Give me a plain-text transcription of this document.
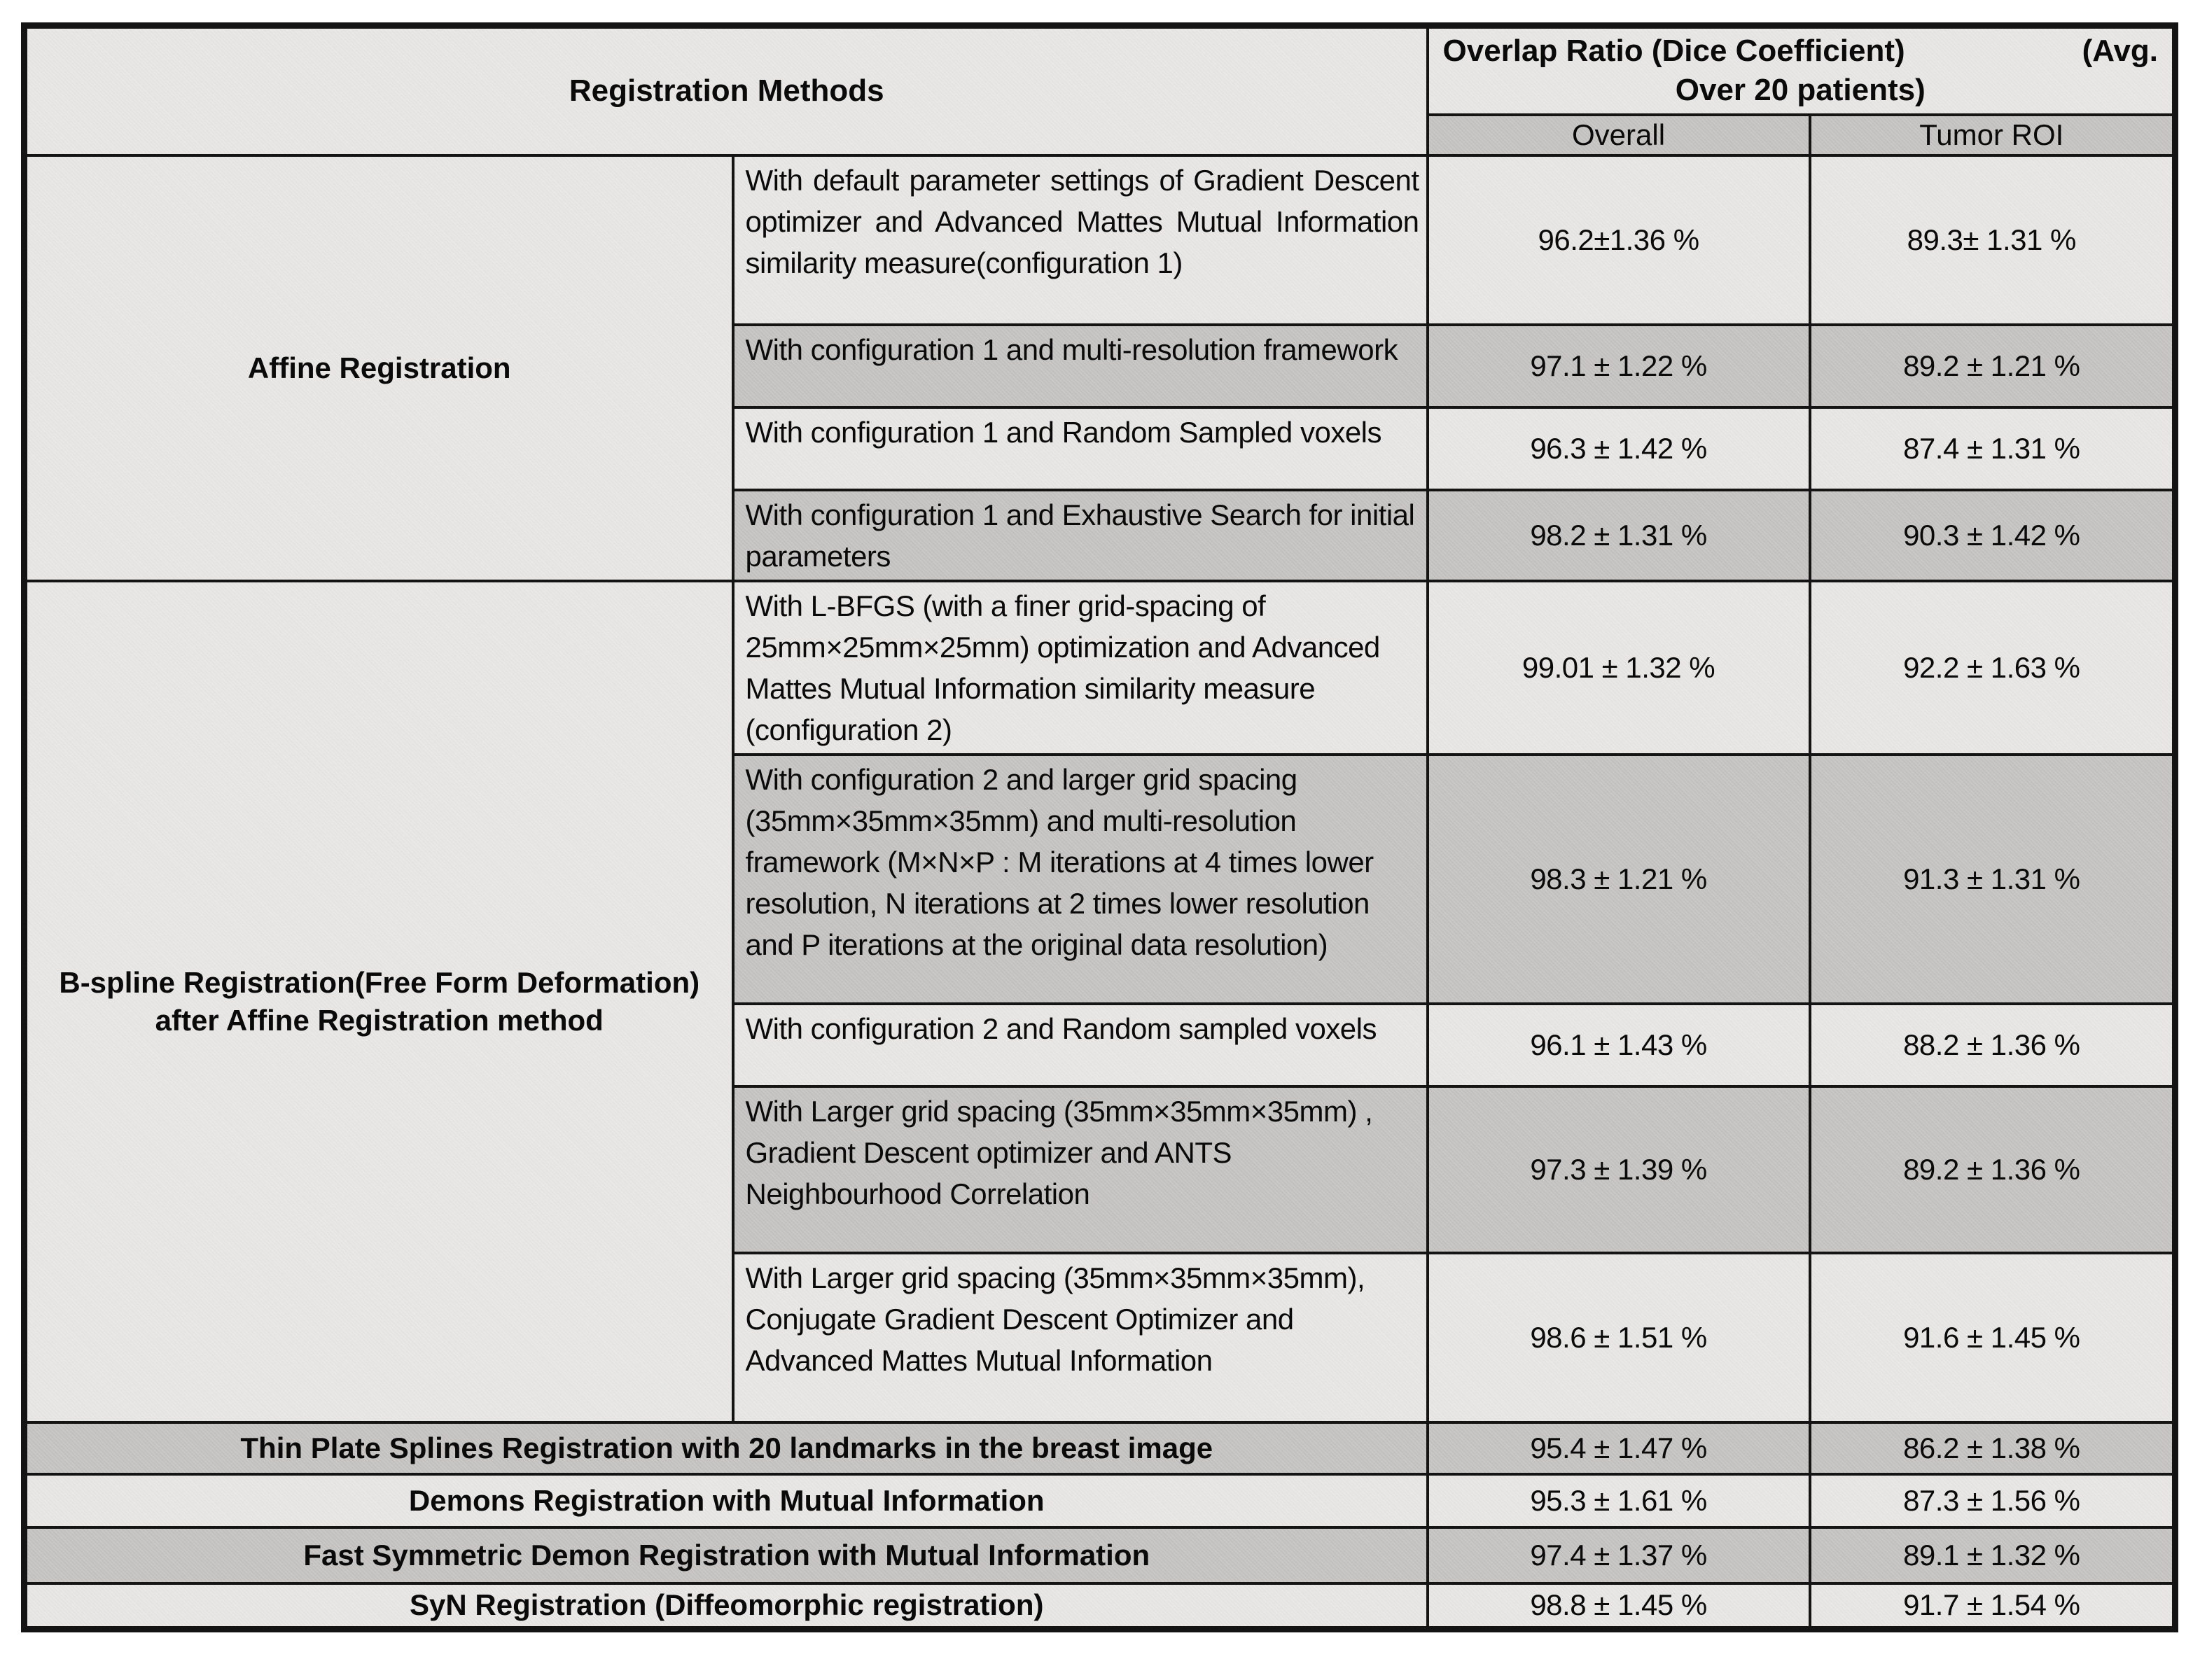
Registration Methods		Overlap Ratio (Dice Coefficient) (Avg.
Over 20 patients)	

		Overall	Tumor ROI
Affine Registration	With default parameter settings of Gradient Descent optimizer and Advanced Mattes Mutual Information similarity measure(configuration 1)	96.2±1.36 %	89.3± 1.31 %
	With configuration 1 and multi-resolution framework	97.1 ± 1.22 %	89.2 ± 1.21 %
	With configuration 1 and Random Sampled voxels	96.3 ± 1.42 %	87.4 ± 1.31 %
	With configuration 1 and Exhaustive Search for initial parameters	98.2 ± 1.31 %	90.3 ± 1.42 %
B-spline Registration(Free Form Deformation) after Affine Registration method	With L-BFGS (with a finer grid-spacing of 25mm×25mm×25mm) optimization and Advanced Mattes Mutual Information similarity measure (configuration 2)	99.01 ± 1.32 %	92.2 ± 1.63 %
	With configuration 2 and larger grid spacing (35mm×35mm×35mm) and multi-resolution framework (M×N×P : M iterations at 4 times lower resolution, N iterations at 2 times lower resolution and P iterations at the original data resolution)	98.3 ± 1.21 %	91.3 ± 1.31 %
	With configuration 2 and Random sampled voxels	96.1 ± 1.43 %	88.2 ± 1.36 %
	With Larger grid spacing (35mm×35mm×35mm) , Gradient Descent optimizer and ANTS Neighbourhood Correlation	97.3 ± 1.39 %	89.2 ± 1.36 %
	With Larger grid spacing (35mm×35mm×35mm), Conjugate Gradient Descent Optimizer and Advanced Mattes Mutual Information	98.6 ± 1.51 %	91.6 ± 1.45 %
Thin Plate Splines Registration with 20 landmarks in the breast image		95.4 ± 1.47 %	86.2 ± 1.38 %
Demons Registration with Mutual Information		95.3 ± 1.61 %	87.3 ± 1.56 %
Fast Symmetric Demon Registration with Mutual Information		97.4 ± 1.37 %	89.1 ± 1.32 %
SyN Registration (Diffeomorphic registration)		98.8 ± 1.45 %	91.7 ± 1.54 %
